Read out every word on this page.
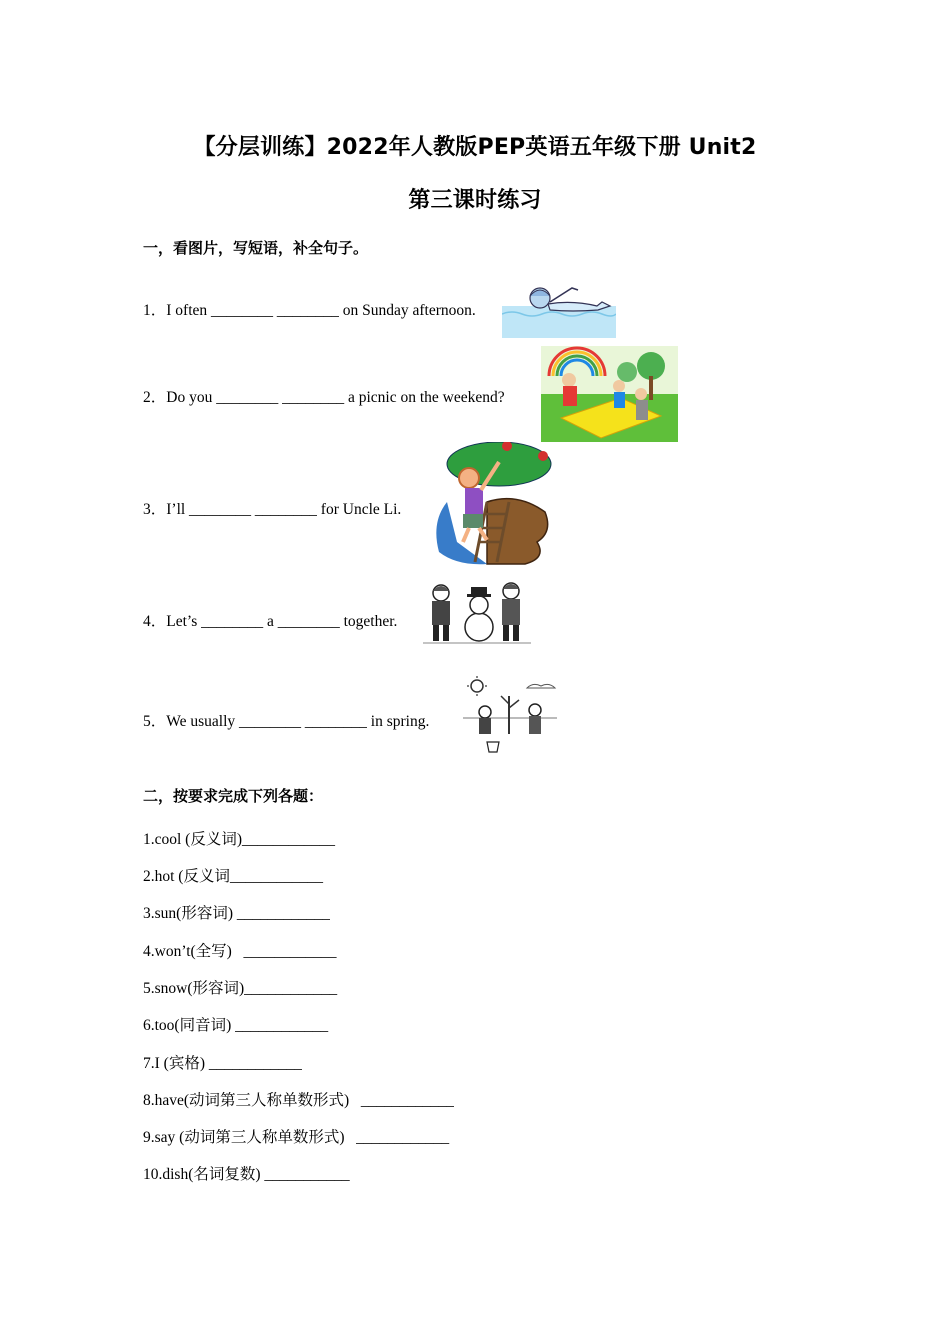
【分层训练】2022年人教版PEP英语五年级下册 Unit2
第三课时练习
一，看图片，写短语，补全句子。
1．I often ________ ________ on Sunday afternoon.
2．Do you ________ ________ a picnic on the weekend?
3．I’ll ________ ________ for Uncle Li.
4．Let’s ________ a ________ together.
5．We usually ________ ________ in spring.
二，按要求完成下列各题：
1.cool (反义词)____________
2.hot (反义词____________
3.sun(形容词) ____________
4.won’t(全写)   ____________
5.snow(形容词)____________
6.too(同音词) ____________
7.I (宾格) ____________
8.have(动词第三人称单数形式)   ____________
9.say (动词第三人称单数形式)   ____________
10.dish(名词复数) ___________
